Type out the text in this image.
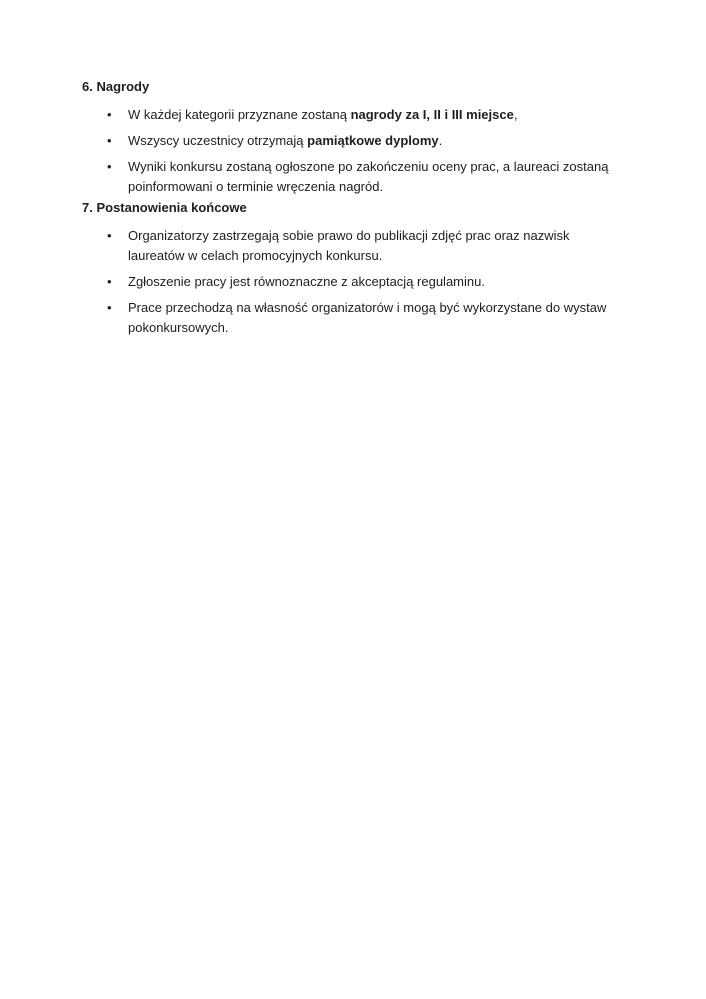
6. Nagrody
•	W każdej kategorii przyznane zostaną nagrody za I, II i III miejsce,
•	Wszyscy uczestnicy otrzymają pamiątkowe dyplomy.
•	Wyniki konkursu zostaną ogłoszone po zakończeniu oceny prac, a laureaci zostaną poinformowani o terminie wręczenia nagród.
7. Postanowienia końcowe
•	Organizatorzy zastrzegają sobie prawo do publikacji zdjęć prac oraz nazwisk laureatów w celach promocyjnych konkursu.
•	Zgłoszenie pracy jest równoznaczne z akceptacją regulaminu.
•	Prace przechodzą na własność organizatorów i mogą być wykorzystane do wystaw pokonkursowych.
